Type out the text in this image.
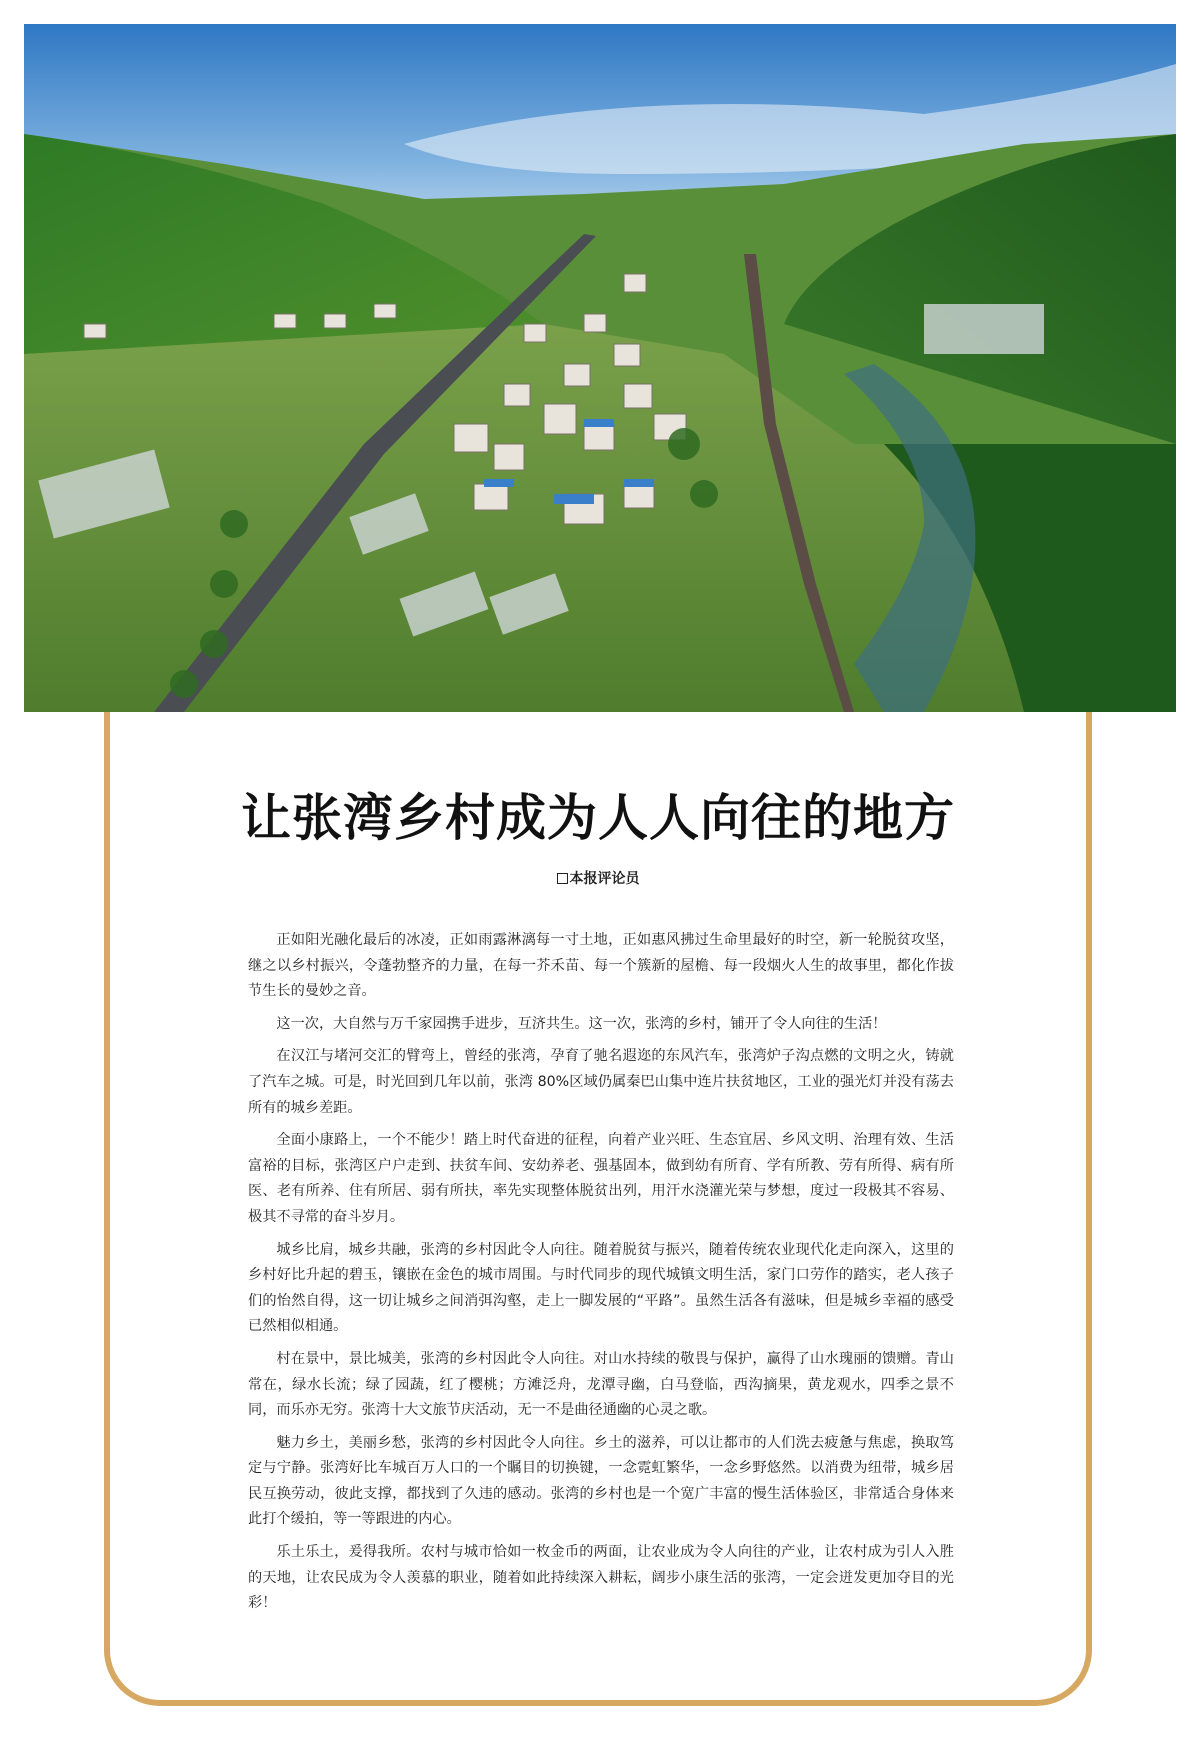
让张湾乡村成为人人向往的地方
本报评论员

正如阳光融化最后的冰凌，正如雨露淋漓每一寸土地，正如惠风拂过生命里最好的时空，新一轮脱贫攻坚，继之以乡村振兴，令蓬勃整齐的力量，在每一芥禾苗、每一个簇新的屋檐、每一段烟火人生的故事里，都化作拔节生长的曼妙之音。

这一次，大自然与万千家园携手进步，互济共生。这一次，张湾的乡村，铺开了令人向往的生活！

在汉江与堵河交汇的臂弯上，曾经的张湾，孕育了驰名遐迩的东风汽车，张湾炉子沟点燃的文明之火，铸就了汽车之城。可是，时光回到几年以前，张湾 80%区域仍属秦巴山集中连片扶贫地区，工业的强光灯并没有荡去所有的城乡差距。

全面小康路上，一个不能少！踏上时代奋进的征程，向着产业兴旺、生态宜居、乡风文明、治理有效、生活富裕的目标，张湾区户户走到、扶贫车间、安幼养老、强基固本，做到幼有所育、学有所教、劳有所得、病有所医、老有所养、住有所居、弱有所扶，率先实现整体脱贫出列，用汗水浇灌光荣与梦想，度过一段极其不容易、极其不寻常的奋斗岁月。

城乡比肩，城乡共融，张湾的乡村因此令人向往。随着脱贫与振兴，随着传统农业现代化走向深入，这里的乡村好比升起的碧玉，镶嵌在金色的城市周围。与时代同步的现代城镇文明生活，家门口劳作的踏实，老人孩子们的怡然自得，这一切让城乡之间消弭沟壑，走上一脚发展的“平路”。虽然生活各有滋味，但是城乡幸福的感受已然相似相通。

村在景中，景比城美，张湾的乡村因此令人向往。对山水持续的敬畏与保护，赢得了山水瑰丽的馈赠。青山常在，绿水长流；绿了园蔬，红了樱桃；方滩泛舟，龙潭寻幽，白马登临，西沟摘果，黄龙观水，四季之景不同，而乐亦无穷。张湾十大文旅节庆活动，无一不是曲径通幽的心灵之歌。

魅力乡土，美丽乡愁，张湾的乡村因此令人向往。乡土的滋养，可以让都市的人们洗去疲惫与焦虑，换取笃定与宁静。张湾好比车城百万人口的一个瞩目的切换键，一念霓虹繁华，一念乡野悠然。以消费为纽带，城乡居民互换劳动，彼此支撑，都找到了久违的感动。张湾的乡村也是一个宽广丰富的慢生活体验区，非常适合身体来此打个缓拍，等一等跟进的内心。

乐土乐土，爰得我所。农村与城市恰如一枚金币的两面，让农业成为令人向往的产业，让农村成为引人入胜的天地，让农民成为令人羡慕的职业，随着如此持续深入耕耘，阔步小康生活的张湾，一定会迸发更加夺目的光彩！
